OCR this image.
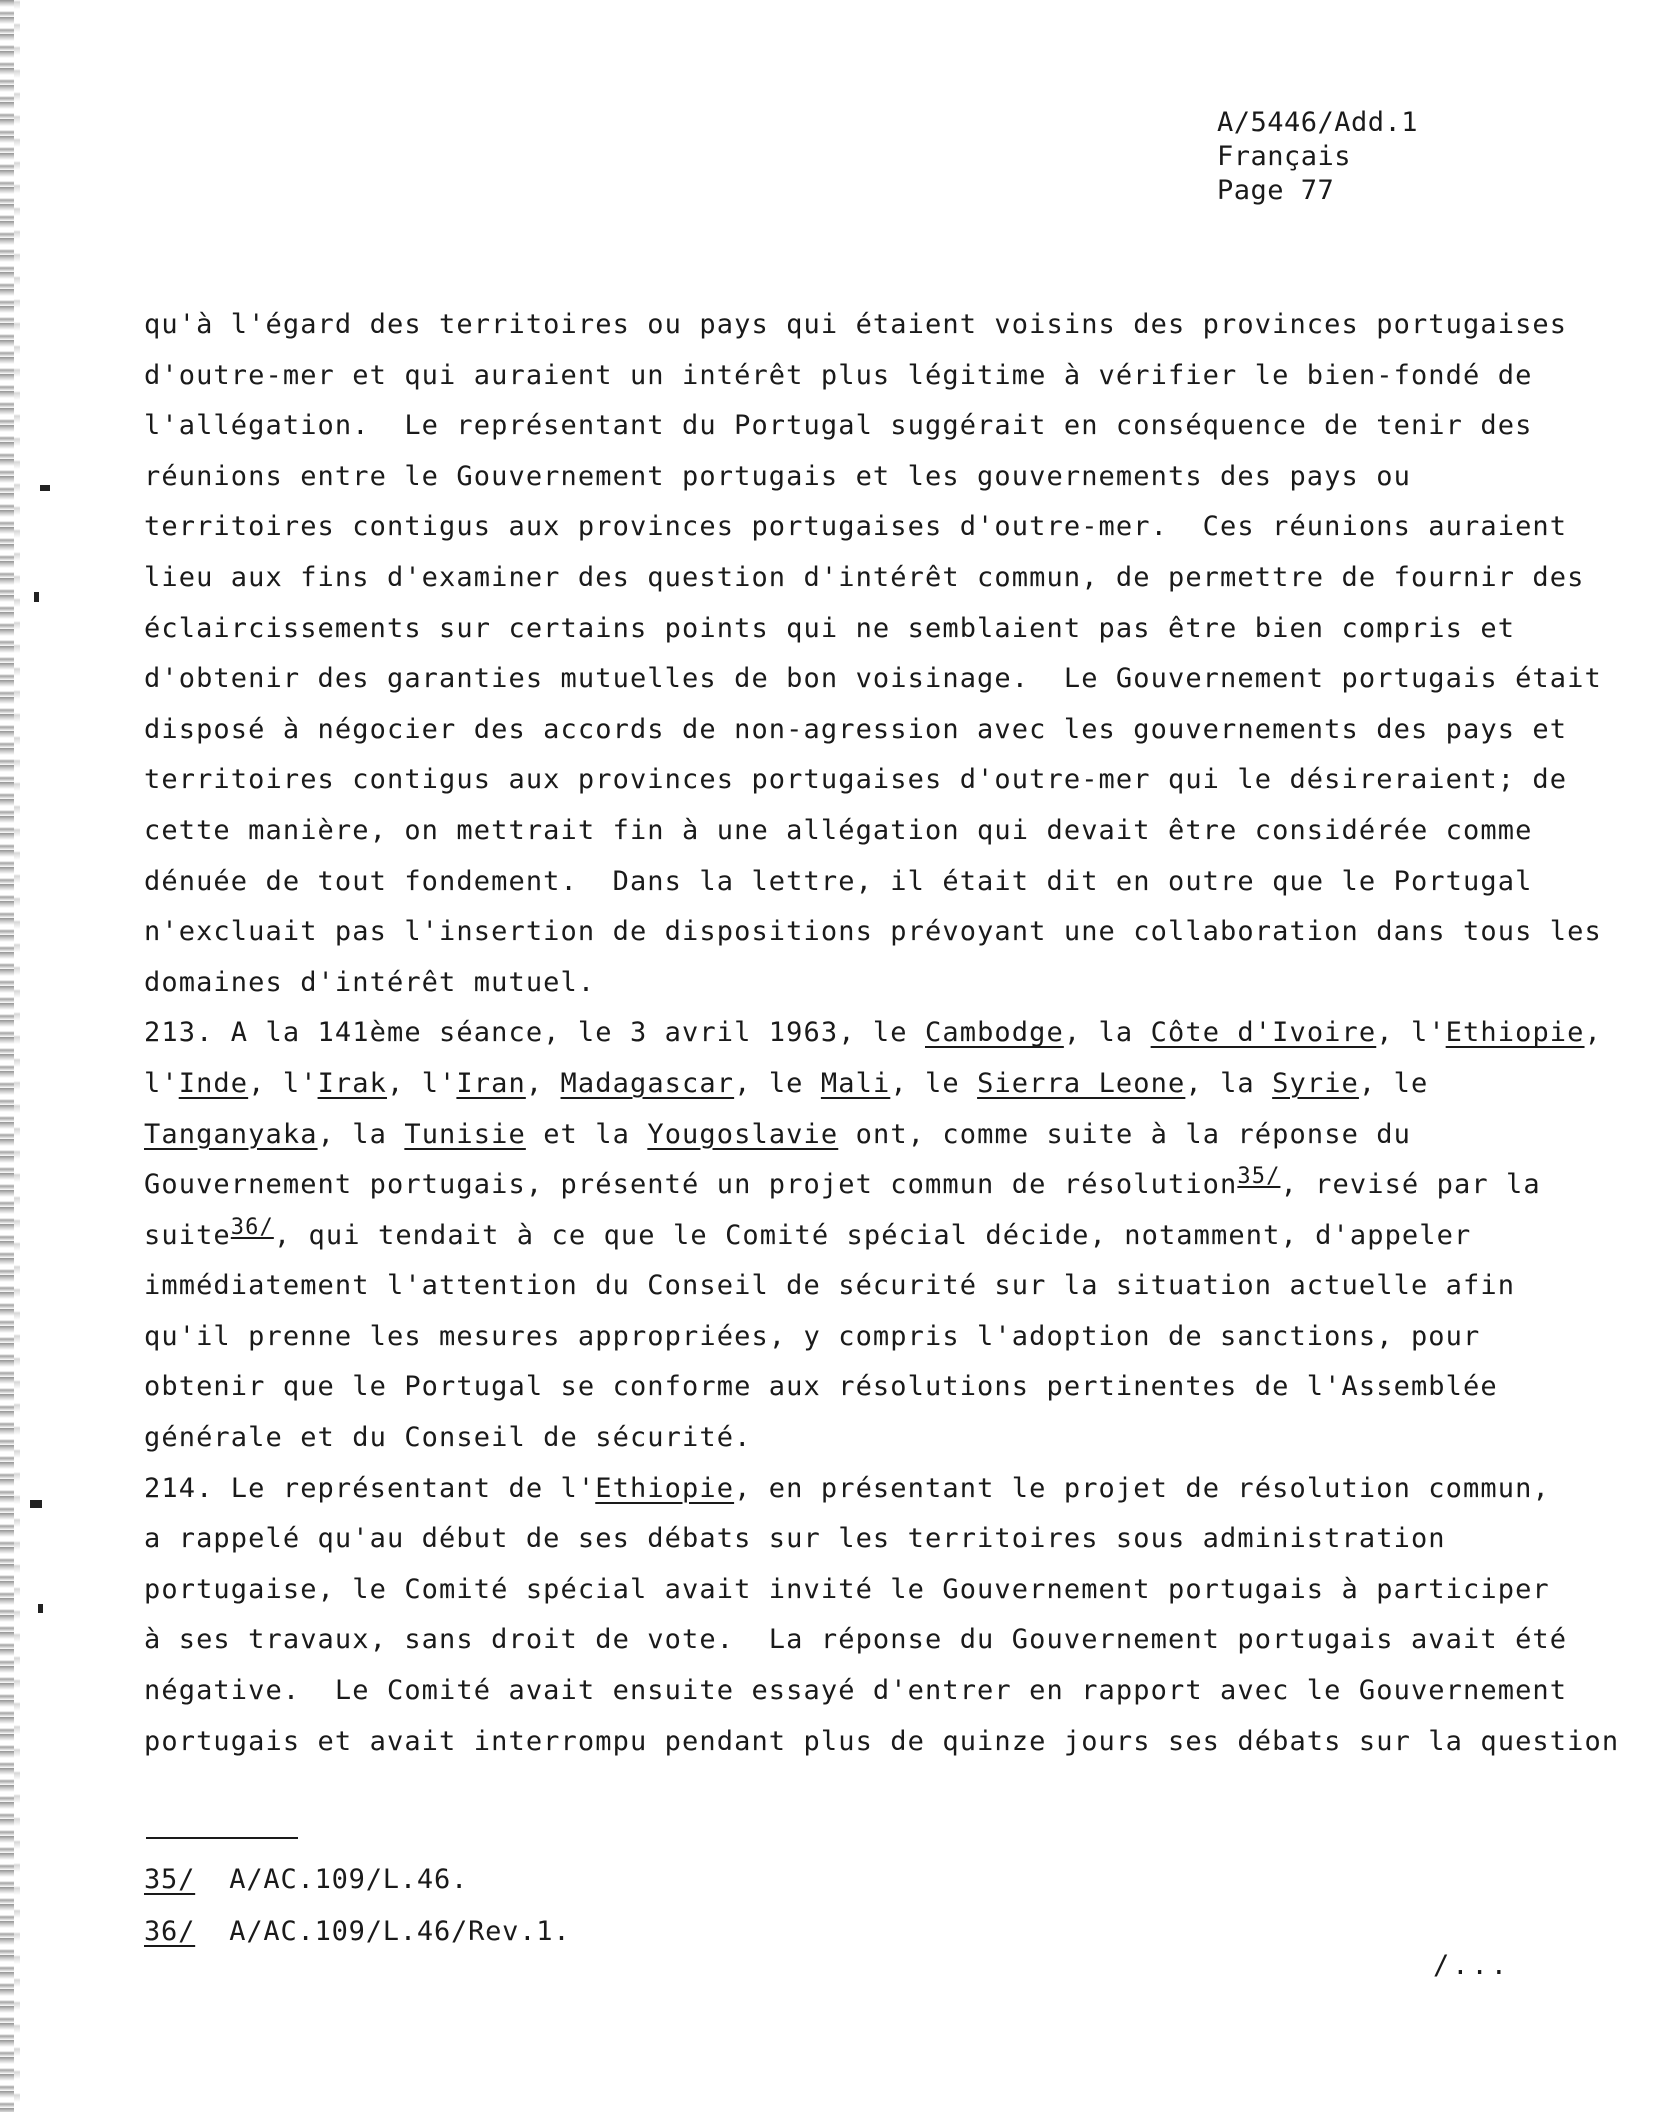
A/5446/Add.1
Français
Page 77
qu'à l'égard des territoires ou pays qui étaient voisins des provinces portugaises
d'outre-mer et qui auraient un intérêt plus légitime à vérifier le bien-fondé de
l'allégation.  Le représentant du Portugal suggérait en conséquence de tenir des
réunions entre le Gouvernement portugais et les gouvernements des pays ou
territoires contigus aux provinces portugaises d'outre-mer.  Ces réunions auraient
lieu aux fins d'examiner des question d'intérêt commun, de permettre de fournir des
éclaircissements sur certains points qui ne semblaient pas être bien compris et
d'obtenir des garanties mutuelles de bon voisinage.  Le Gouvernement portugais était
disposé à négocier des accords de non-agression avec les gouvernements des pays et
territoires contigus aux provinces portugaises d'outre-mer qui le désireraient; de
cette manière, on mettrait fin à une allégation qui devait être considérée comme
dénuée de tout fondement.  Dans la lettre, il était dit en outre que le Portugal
n'excluait pas l'insertion de dispositions prévoyant une collaboration dans tous les
domaines d'intérêt mutuel.
213. A la 141ème séance, le 3 avril 1963, le Cambodge, la Côte d'Ivoire, l'Ethiopie,
l'Inde, l'Irak, l'Iran, Madagascar, le Mali, le Sierra Leone, la Syrie, le
Tanganyaka, la Tunisie et la Yougoslavie ont, comme suite à la réponse du
Gouvernement portugais, présenté un projet commun de résolution$^{35/}$, revisé par la
suite$^{36/}$, qui tendait à ce que le Comité spécial décide, notamment, d'appeler
immédiatement l'attention du Conseil de sécurité sur la situation actuelle afin
qu'il prenne les mesures appropriées, y compris l'adoption de sanctions, pour
obtenir que le Portugal se conforme aux résolutions pertinentes de l'Assemblée
générale et du Conseil de sécurité.
214. Le représentant de l'Ethiopie, en présentant le projet de résolution commun,
a rappelé qu'au début de ses débats sur les territoires sous administration
portugaise, le Comité spécial avait invité le Gouvernement portugais à participer
à ses travaux, sans droit de vote.  La réponse du Gouvernement portugais avait été
négative.  Le Comité avait ensuite essayé d'entrer en rapport avec le Gouvernement
portugais et avait interrompu pendant plus de quinze jours ses débats sur la question
35/ A/AC.109/L.46.
36/ A/AC.109/L.46/Rev.1.
/...
